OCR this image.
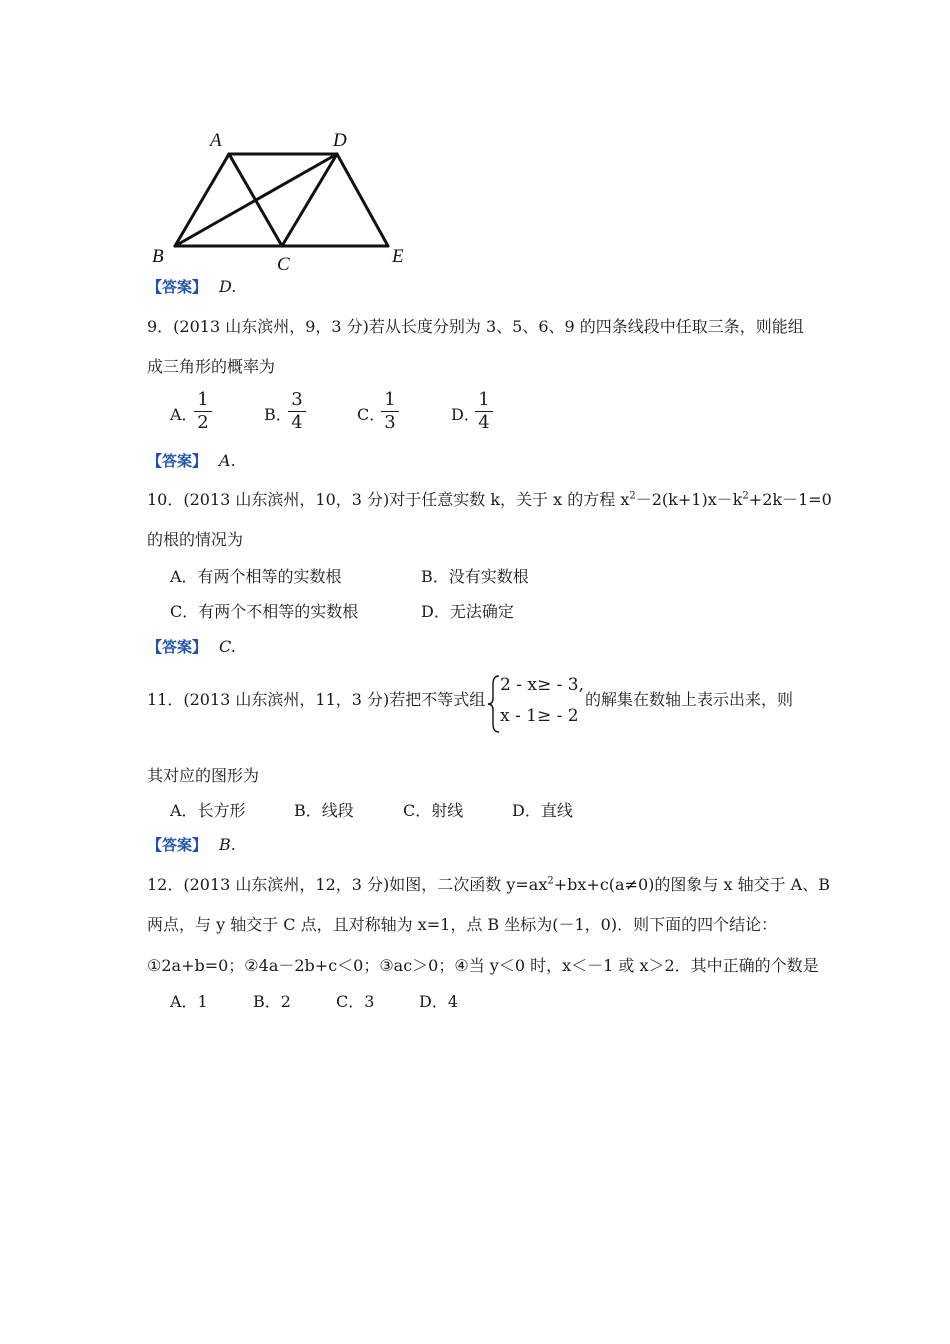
A	D
B	C	E
【答案】 D.
9．(2013 山东滨州，9，3 分)若从长度分别为 3、5、6、9 的四条线段中任取三条，则能组
成三角形的概率为
A．
1
2	B．
3
4	C．
1
3	D．
1
4
【答案】 A.
10．(2013 山东滨州，10，3 分)对于任意实数 k，关于 x 的方程 $x^2-2(k+1)x-k^2+2k-1=0$
的根的情况为
A．有两个相等的实数根	B．没有实数根
C．有两个不相等的实数根	D．无法确定
【答案】 C.
11．(2013 山东滨州，11，3 分)若把不等式组
2 - x≥ - 3,
x - 1≥ - 2
的解集在数轴上表示出来，则
其对应的图形为
A．长方形	B．线段	C．射线	D．直线
【答案】 B.
12．(2013 山东滨州，12，3 分)如图，二次函数 $y=ax^2+bx+c(a\ne 0)$的图象与 x 轴交于 A、B
两点，与 y 轴交于 C 点，且对称轴为 x=1，点 B 坐标为(－1，0)．则下面的四个结论：
①2a+b=0；②4a－2b+c＜0；③ac＞0；④当 y＜0 时，x＜－1 或 x＞2．其中正确的个数是
A．1	B．2	C．3	D．4
